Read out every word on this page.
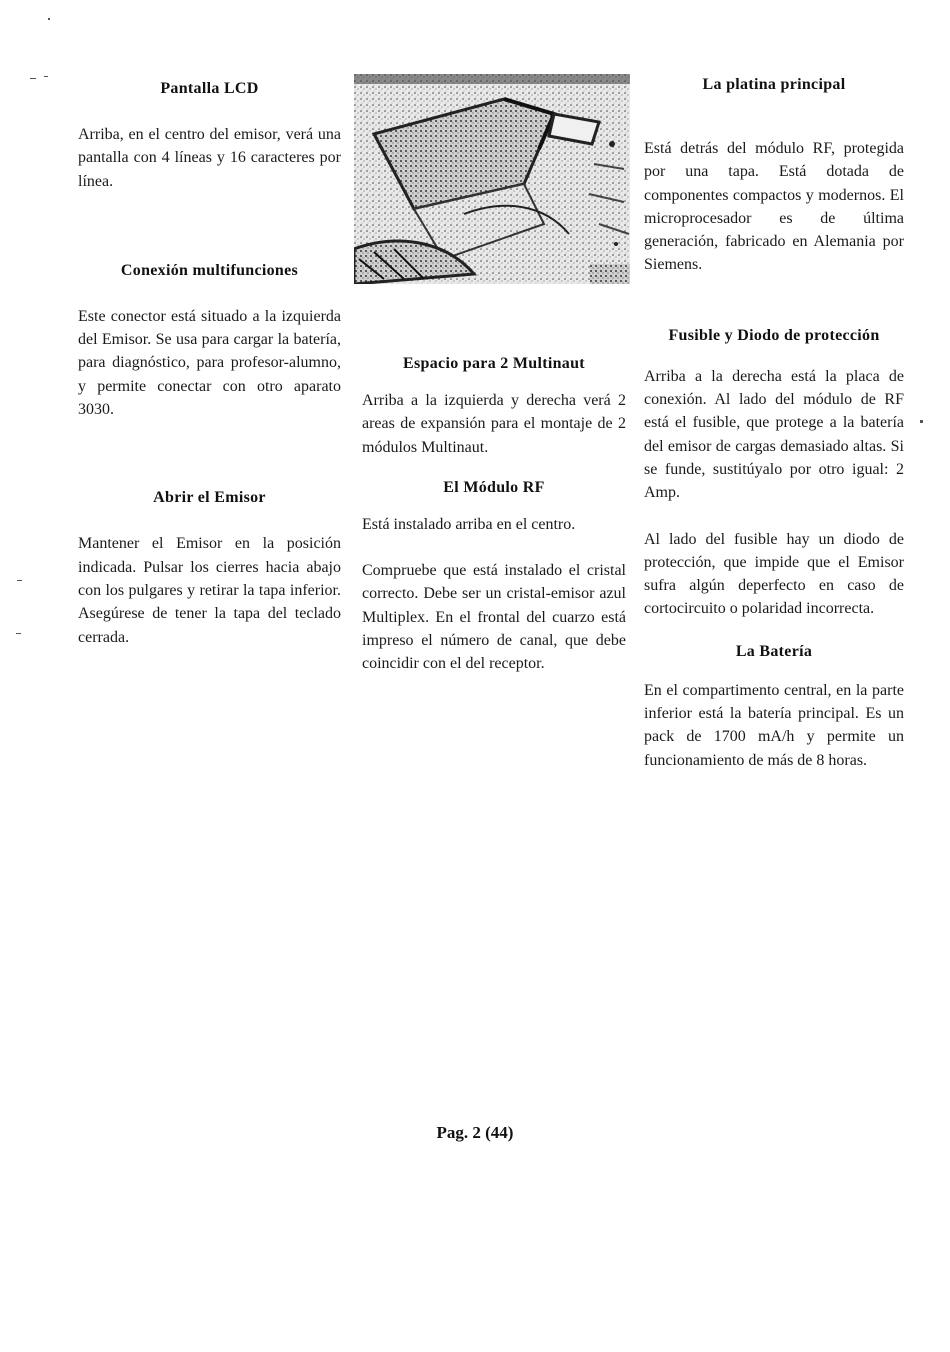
Pantalla LCD

Arriba, en el centro del emisor, verá una pantalla con 4 líneas y 16 caracteres por línea.

Conexión multifunciones

Este conector está situado a la izquierda del Emisor. Se usa para cargar la batería, para diagnóstico, para profesor-alumno, y permite conectar con otro aparato 3030.

Abrir el Emisor

Mantener el Emisor en la posición indicada. Pulsar los cierres hacia abajo con los pulgares y retirar la tapa inferior. Asegúrese de tener la tapa del teclado cerrada.

Espacio para 2 Multinaut

Arriba a la izquierda y derecha verá 2 areas de expansión para el montaje de 2 módulos Multinaut.

El Módulo RF

Está instalado arriba en el centro.

Compruebe que está instalado el cristal correcto. Debe ser un cristal-emisor azul Multiplex. En el frontal del cuarzo está impreso el número de canal, que debe coincidir con el del receptor.

La platina principal

Está detrás del módulo RF, protegida por una tapa. Está dotada de componentes compactos y modernos. El microprocesador es de última generación, fabricado en Alemania por Siemens.

Fusible y Diodo de protección

Arriba a la derecha está la placa de conexión. Al lado del módulo de RF está el fusible, que protege a la batería del emisor de cargas demasiado altas. Si se funde, sustitúyalo por otro igual: 2 Amp.

Al lado del fusible hay un diodo de protección, que impide que el Emisor sufra algún deperfecto en caso de cortocircuito o polaridad incorrecta.

La Batería

En el compartimento central, en la parte inferior está la batería principal. Es un pack de 1700 mA/h y permite un funcionamiento de más de 8 horas.

Pag. 2 (44)
